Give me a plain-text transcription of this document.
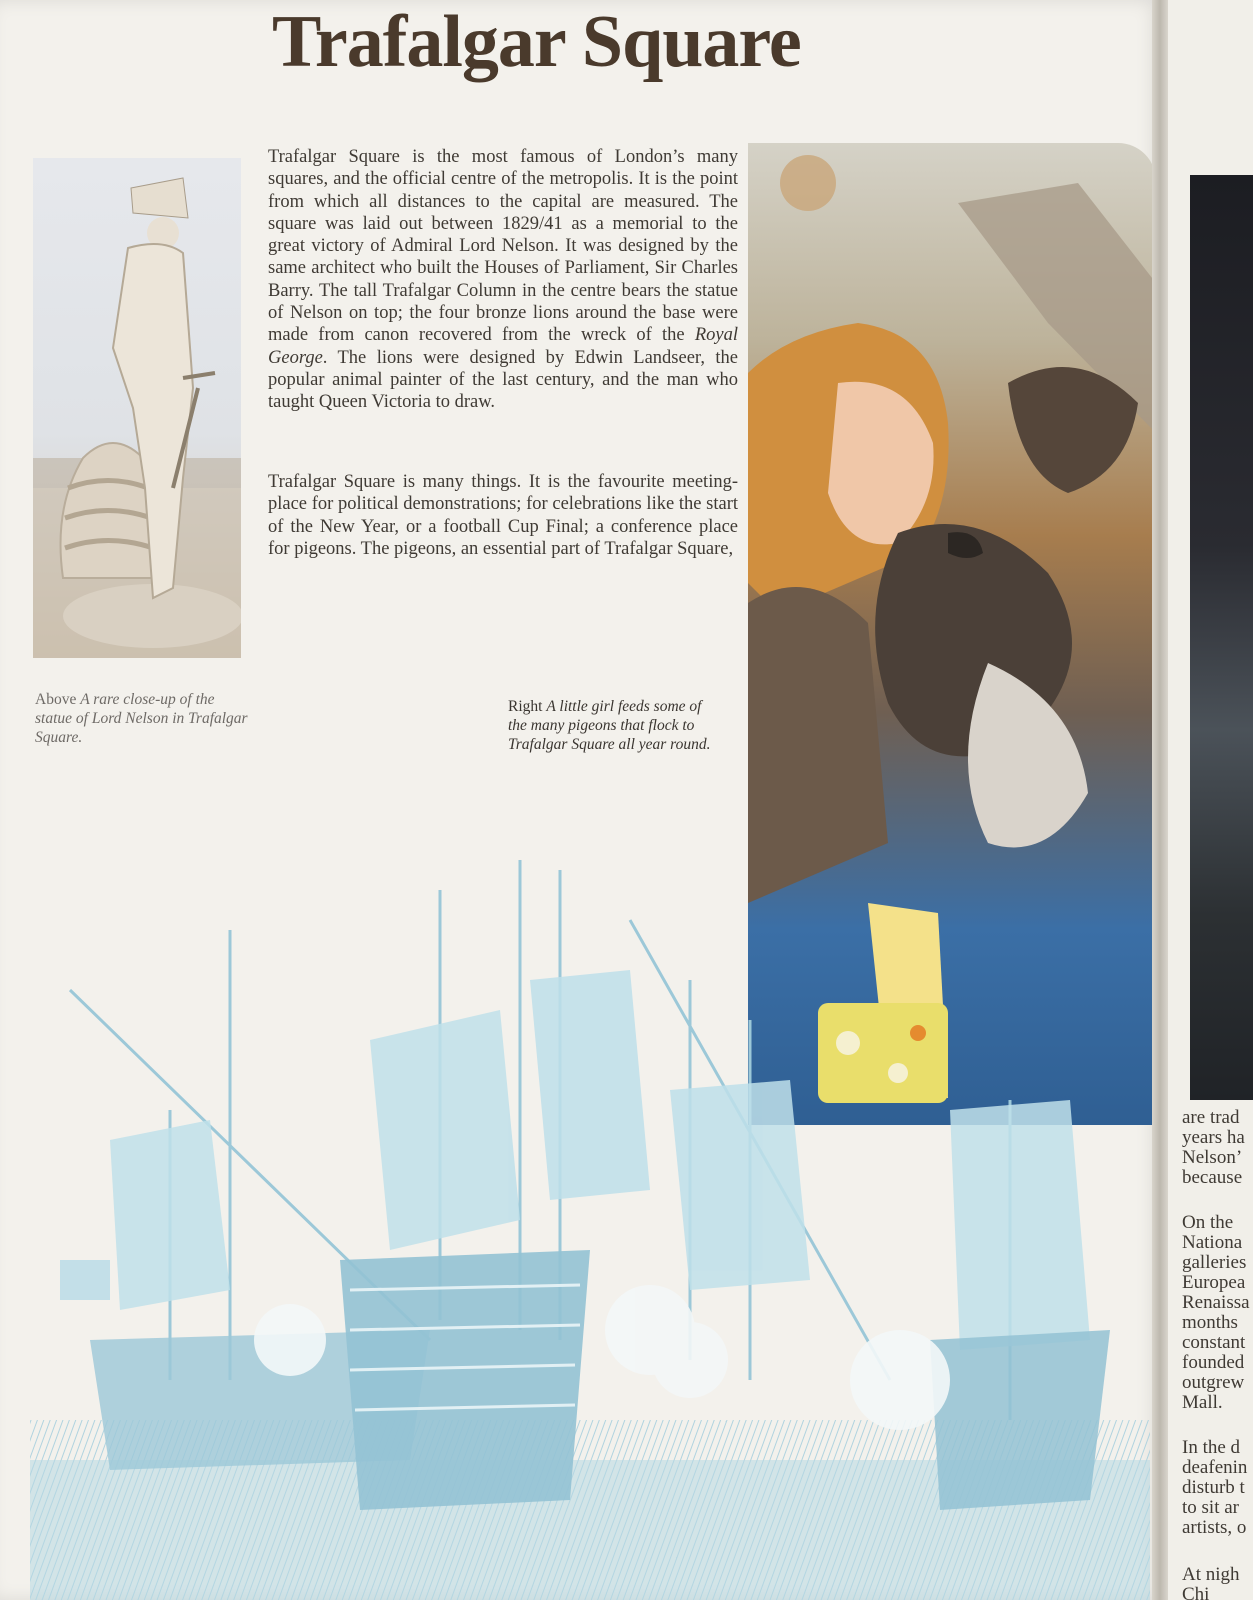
Trafalgar Square

Trafalgar Square is the most famous of London’s many squares, and the official centre of the metropolis. It is the point from which all distances to the capital are measured. The square was laid out between 1829/41 as a memorial to the great victory of Admiral Lord Nelson. It was designed by the same architect who built the Houses of Parliament, Sir Charles Barry. The tall Trafalgar Column in the centre bears the statue of Nelson on top; the four bronze lions around the base were made from canon recovered from the wreck of the Royal George. The lions were designed by Edwin Landseer, the popular animal painter of the last century, and the man who taught Queen Victoria to draw.

Trafalgar Square is many things. It is the favourite meeting-place for political demonstrations; for celebrations like the start of the New Year, or a football Cup Final; a conference place for pigeons. The pigeons, an essential part of Trafalgar Square,

Above A rare close-up of the statue of Lord Nelson in Trafalgar Square.

Right A little girl feeds some of the many pigeons that flock to Trafalgar Square all year round.

are trad
years ha
Nelson’
because
On the
Nationa
galleries
Europea
Renaissa
months
constant
founded
outgrew
Mall.
In the d
deafenin
disturb t
to sit ar
artists, o
At nigh
Chi
